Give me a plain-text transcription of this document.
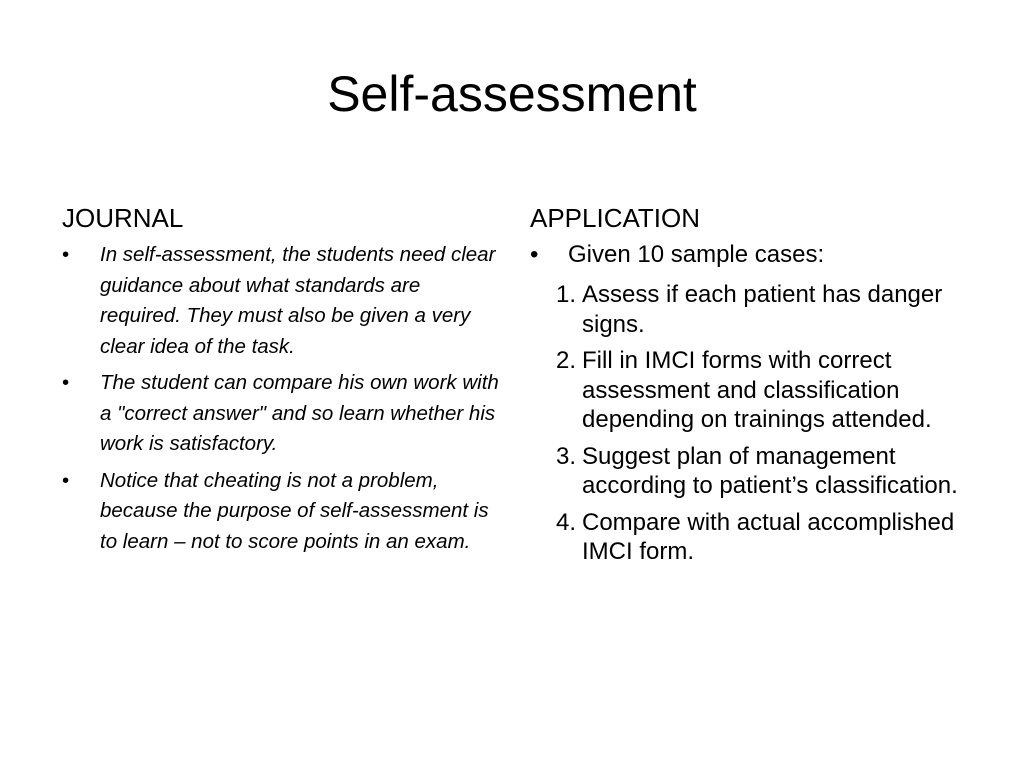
Self-assessment
JOURNAL
• In self-assessment, the students need clear guidance about what standards are required. They must also be given a very clear idea of the task.
• The student can compare his own work with a "correct answer" and so learn whether his work is satisfactory.
• Notice that cheating is not a problem, because the purpose of self-assessment is to learn – not to score points in an exam.
APPLICATION
• Given 10 sample cases:
1. Assess if each patient has danger signs.
2. Fill in IMCI forms with correct assessment and classification depending on trainings attended.
3. Suggest plan of management according to patient’s classification.
4. Compare with actual accomplished IMCI form.
